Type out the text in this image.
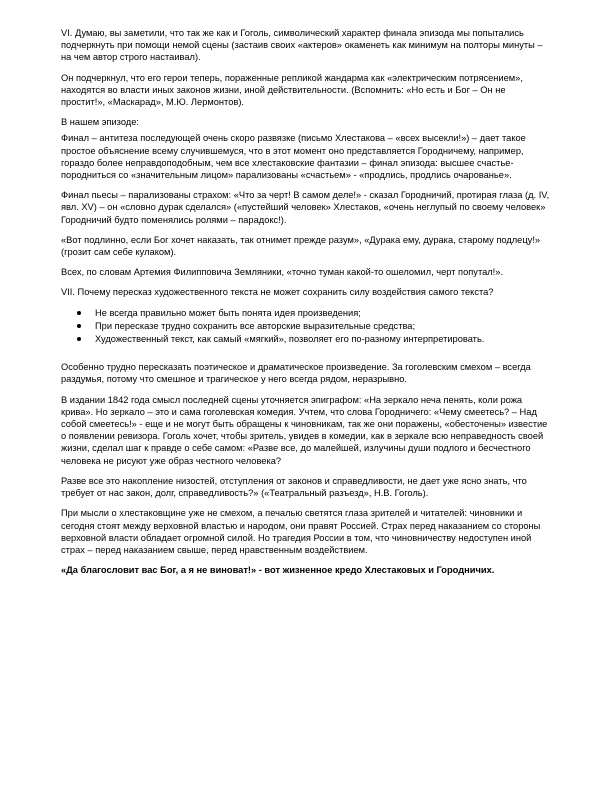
VI. Думаю, вы заметили, что так же как и Гоголь, символический характер финала эпизода мы попытались подчеркнуть при помощи немой сцены (застаив своих «актеров» окаменеть как минимум на полторы минуты – на чем автор строго настаивал).

Он подчеркнул, что его герои теперь, пораженные репликой жандарма как «электрическим потрясением», находятся во власти иных законов жизни, иной действительности. (Вспомнить: «Но есть и Бог – Он не простит!», «Маскарад», М.Ю. Лермонтов).

В нашем эпизоде:

Финал – антитеза последующей очень скоро развязке (письмо Хлестакова – «всех высекли!») – дает такое простое объяснение всему случившемуся, что в этот момент оно представляется Городничему, например, гораздо более неправдоподобным, чем все хлестаковские фантазии – финал эпизода: высшее счастье-породниться со «значительным лицом» парализованы «счастьем» - «продлись, продлись очарованье».

Финал пьесы – парализованы страхом: «Что за черт! В самом деле!» - сказал Городничий, протирая глаза (д. IV, явл. XV) – он «словно дурак сделался» («пустейший человек» Хлестаков, «очень неглупый по своему человек» Городничий будто поменялись ролями – парадокс!).

«Вот подлинно, если Бог хочет наказать, так отнимет прежде разум», «Дурака ему, дурака, старому подлецу!» (грозит сам себе кулаком).

Всех, по словам Артемия Филипповича Земляники, «точно туман какой-то ошеломил, черт попутал!».

VII. Почему пересказ художественного текста не может сохранить силу воздействия самого текста?

Не всегда правильно может быть понята идея произведения;
При пересказе трудно сохранить все авторские выразительные средства;
Художественный текст, как самый «мягкий», позволяет его по-разному интерпретировать.

Особенно трудно пересказать поэтическое и драматическое произведение. За гоголевским смехом – всегда раздумья, потому что смешное и трагическое у него всегда рядом, неразрывно.

В издании 1842 года смысл последней сцены уточняется эпиграфом: «На зеркало неча пенять, коли рожа крива». Но зеркало – это и сама гоголевская комедия. Учтем, что слова Городничего: «Чему смеетесь? – Над собой смеетесь!» - еще и не могут быть обращены к чиновникам, так же они поражены, «обесточены» известие о появлении ревизора. Гоголь хочет, чтобы зритель, увидев в комедии, как в зеркале всю неправедность своей жизни, сделал шаг к правде о себе самом: «Разве все, до малейшей, излучины души подлого и бесчестного человека не рисуют уже образ честного человека?

Разве все это накопление низостей, отступления от законов и справедливости, не дает уже ясно знать, что требует от нас закон, долг, справедливость?» («Театральный разъезд», Н.В. Гоголь).

При мысли о хлестаковщине уже не смехом, а печалью светятся глаза зрителей и читателей: чиновники и сегодня стоят между верховной властью и народом, они правят Россией. Страх перед наказанием со стороны верховной власти обладает огромной силой. Но трагедия России в том, что чиновничеству недоступен иной страх – перед наказанием свыше, перед нравственным воздействием.

«Да благословит вас Бог, а я не виноват!» - вот жизненное кредо Хлестаковых и Городничих.
